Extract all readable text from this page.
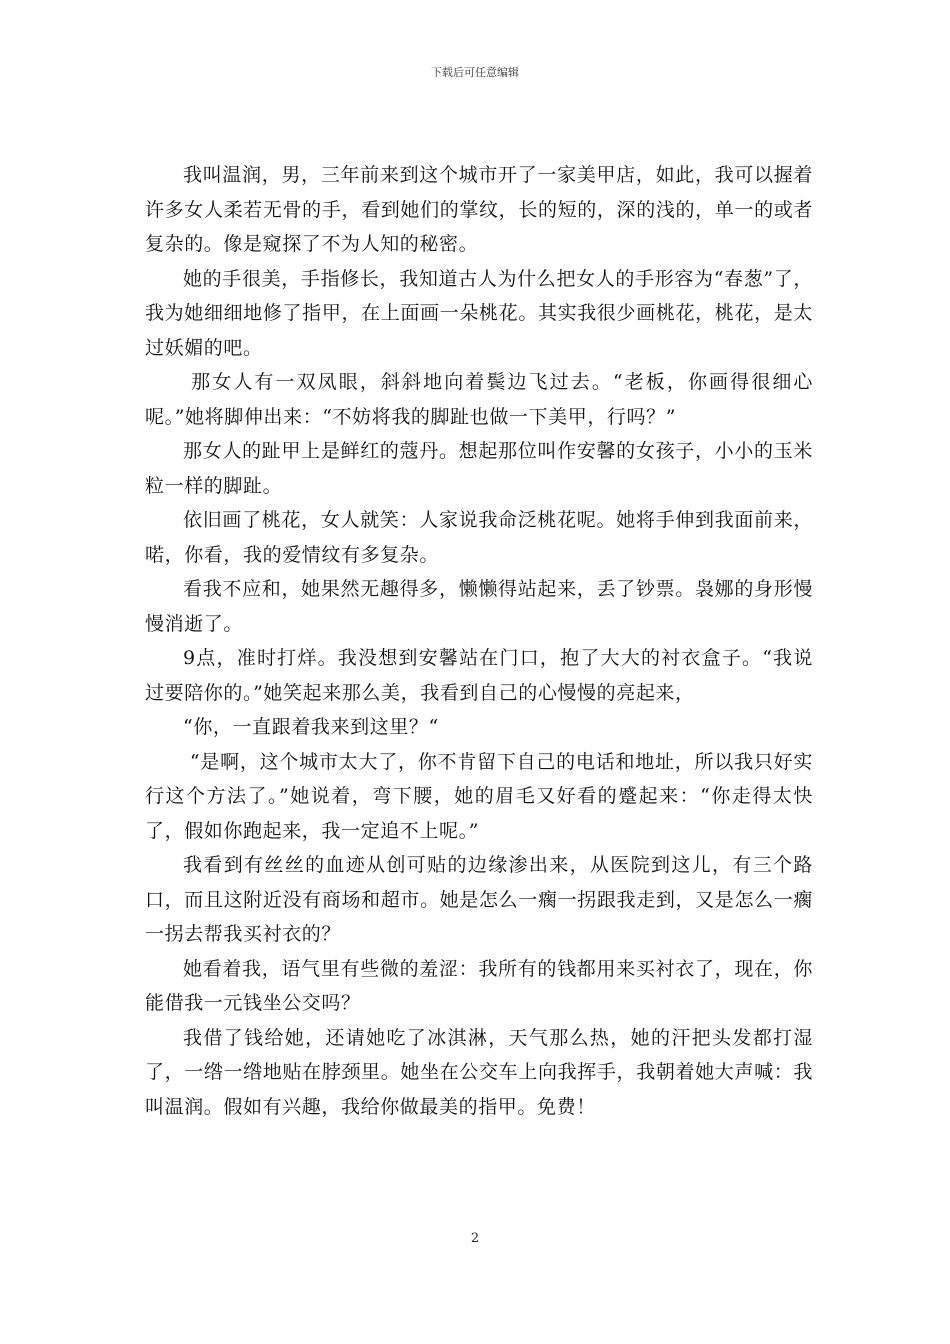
下载后可任意编辑

我叫温润，男，三年前来到这个城市开了一家美甲店，如此，我可以握着许多女人柔若无骨的手，看到她们的掌纹，长的短的，深的浅的，单一的或者复杂的。像是窥探了不为人知的秘密。

她的手很美，手指修长，我知道古人为什么把女人的手形容为“春葱”了，我为她细细地修了指甲，在上面画一朵桃花。其实我很少画桃花，桃花，是太过妖媚的吧。

那女人有一双凤眼，斜斜地向着鬓边飞过去。“老板，你画得很细心呢。”她将脚伸出来：“不妨将我的脚趾也做一下美甲，行吗？”

那女人的趾甲上是鲜红的蔻丹。想起那位叫作安馨的女孩子，小小的玉米粒一样的脚趾。

依旧画了桃花，女人就笑：人家说我命泛桃花呢。她将手伸到我面前来，喏，你看，我的爱情纹有多复杂。

看我不应和，她果然无趣得多，懒懒得站起来，丢了钞票。袅娜的身形慢慢消逝了。

9点，准时打烊。我没想到安馨站在门口，抱了大大的衬衣盒子。“我说过要陪你的。”她笑起来那么美，我看到自己的心慢慢的亮起来，

“你，一直跟着我来到这里？“

“是啊，这个城市太大了，你不肯留下自己的电话和地址，所以我只好实行这个方法了。”她说着，弯下腰，她的眉毛又好看的蹙起来：“你走得太快了，假如你跑起来，我一定追不上呢。”

我看到有丝丝的血迹从创可贴的边缘渗出来，从医院到这儿，有三个路口，而且这附近没有商场和超市。她是怎么一瘸一拐跟我走到，又是怎么一瘸一拐去帮我买衬衣的？

她看着我，语气里有些微的羞涩：我所有的钱都用来买衬衣了，现在，你能借我一元钱坐公交吗？

我借了钱给她，还请她吃了冰淇淋，天气那么热，她的汗把头发都打湿了，一绺一绺地贴在脖颈里。她坐在公交车上向我挥手，我朝着她大声喊：我叫温润。假如有兴趣，我给你做最美的指甲。免费！

2
